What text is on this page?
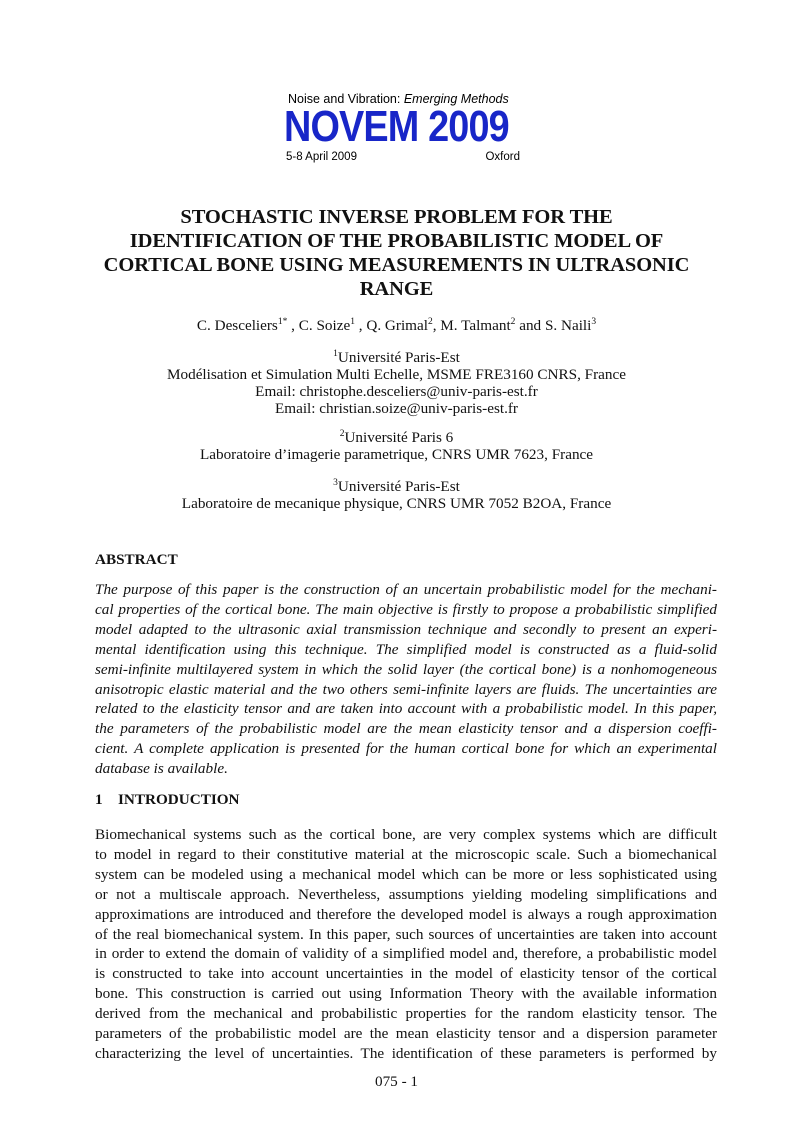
Noise and Vibration: Emerging Methods
NOVEM 2009
5-8 April 2009	Oxford
STOCHASTIC INVERSE PROBLEM FOR THE
IDENTIFICATION OF THE PROBABILISTIC MODEL OF
CORTICAL BONE USING MEASUREMENTS IN ULTRASONIC
RANGE
C. Desceliers$^{1*}$ , C. Soize$^1$ , Q. Grimal$^2$, M. Talmant$^2$ and S. Naili$^3$
$^1$Université Paris-Est
Modélisation et Simulation Multi Echelle, MSME FRE3160 CNRS, France
Email: christophe.desceliers@univ-paris-est.fr
Email: christian.soize@univ-paris-est.fr
$^2$Université Paris 6
Laboratoire d’imagerie parametrique, CNRS UMR 7623, France
$^3$Université Paris-Est
Laboratoire de mecanique physique, CNRS UMR 7052 B2OA, France
ABSTRACT
The purpose of this paper is the construction of an uncertain probabilistic model for the mechani-
cal properties of the cortical bone. The main objective is firstly to propose a probabilistic simplified
model adapted to the ultrasonic axial transmission technique and secondly to present an experi-
mental identification using this technique. The simplified model is constructed as a fluid-solid
semi-infinite multilayered system in which the solid layer (the cortical bone) is a nonhomogeneous
anisotropic elastic material and the two others semi-infinite layers are fluids. The uncertainties are
related to the elasticity tensor and are taken into account with a probabilistic model. In this paper,
the parameters of the probabilistic model are the mean elasticity tensor and a dispersion coeffi-
cient. A complete application is presented for the human cortical bone for which an experimental
database is available.
1 INTRODUCTION
Biomechanical systems such as the cortical bone, are very complex systems which are difficult
to model in regard to their constitutive material at the microscopic scale. Such a biomechanical
system can be modeled using a mechanical model which can be more or less sophisticated using
or not a multiscale approach. Nevertheless, assumptions yielding modeling simplifications and
approximations are introduced and therefore the developed model is always a rough approximation
of the real biomechanical system. In this paper, such sources of uncertainties are taken into account
in order to extend the domain of validity of a simplified model and, therefore, a probabilistic model
is constructed to take into account uncertainties in the model of elasticity tensor of the cortical
bone. This construction is carried out using Information Theory with the available information
derived from the mechanical and probabilistic properties for the random elasticity tensor. The
parameters of the probabilistic model are the mean elasticity tensor and a dispersion parameter
characterizing the level of uncertainties. The identification of these parameters is performed by
075 - 1
